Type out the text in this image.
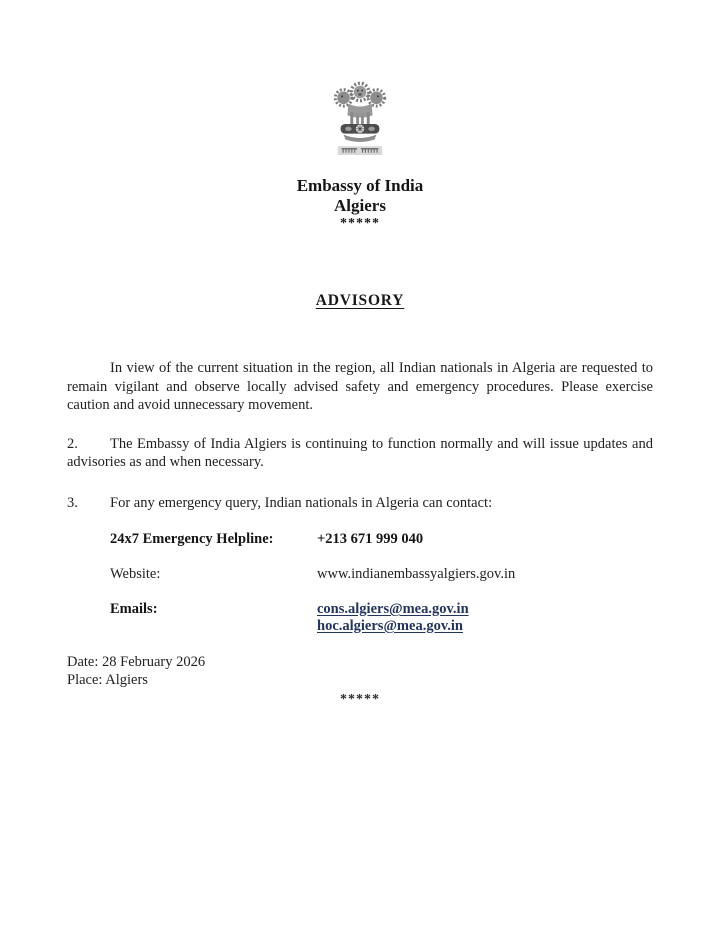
Embassy of India
Algiers
*****
ADVISORY

In view of the current situation in the region, all Indian nationals in Algeria are requested to remain vigilant and observe locally advised safety and emergency procedures. Please exercise caution and avoid unnecessary movement.

2. The Embassy of India Algiers is continuing to function normally and will issue updates and advisories as and when necessary.

3. For any emergency query, Indian nationals in Algeria can contact:

24x7 Emergency Helpline:	+213 671 999 040
Website:	www.indianembassyalgiers.gov.in
Emails:	cons.algiers@mea.gov.in
hoc.algiers@mea.gov.in
Date: 28 February 2026
Place: Algiers
*****
